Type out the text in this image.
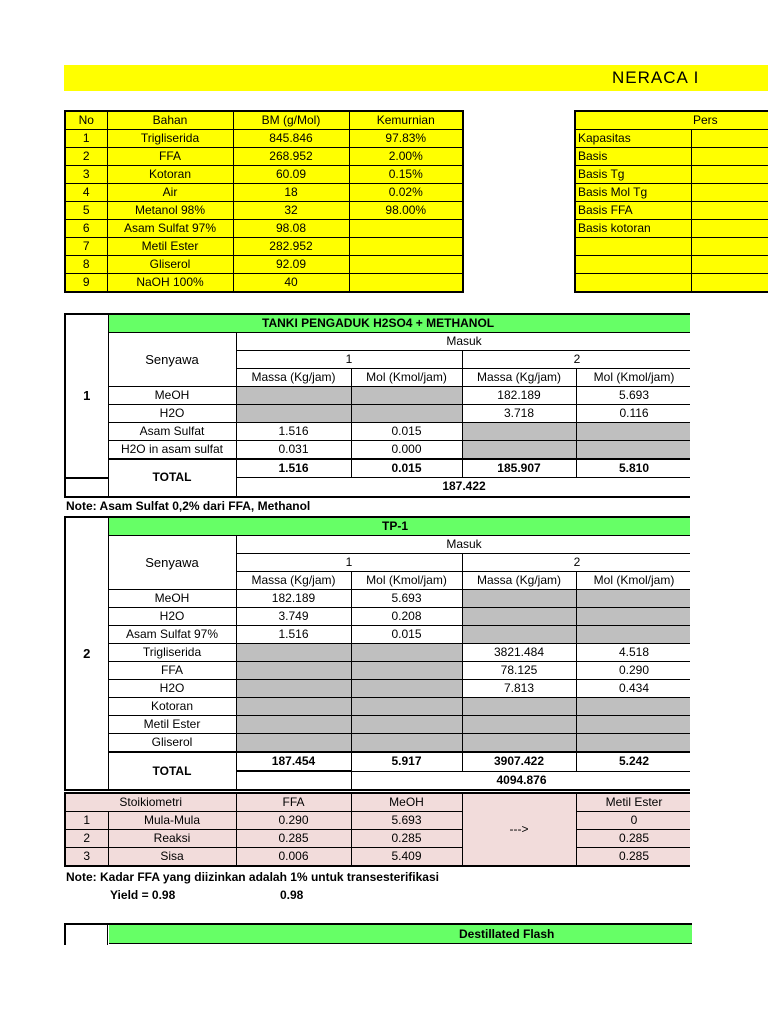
NERACA I
No	Bahan	BM (g/Mol)	Kemurnian
1	Trigliserida	845.846	97.83%
2	FFA	268.952	2.00%
3	Kotoran	60.09	0.15%
4	Air	18	0.02%
5	Metanol 98%	32	98.00%
6	Asam Sulfat 97%	98.08	
7	Metil Ester	282.952	
8	Gliserol	92.09	
9	NaOH 100%	40	
	Pers
Kapasitas	
Basis	
Basis Tg	
Basis Mol Tg	
Basis FFA	
Basis kotoran	

1		TANKI PENGADUK H2SO4 + METHANOL			
	Senyawa	Masuk			
		1		2	
		Massa (Kg/jam)	Mol (Kmol/jam)	Massa (Kg/jam)	Mol (Kmol/jam)
	MeOH			182.189	5.693
	H2O			3.718	0.116
	Asam Sulfat	1.516	0.015		
	H2O in asam sulfat	0.031	0.000		
	TOTAL	1.516	0.015	185.907	5.810
		187.422			
Note: Asam Sulfat 0,2% dari FFA, Methanol
2		TP-1			
	Senyawa	Masuk			
		1		2	
		Massa (Kg/jam)	Mol (Kmol/jam)	Massa (Kg/jam)	Mol (Kmol/jam)
	MeOH	182.189	5.693		
	H2O	3.749	0.208		
	Asam Sulfat 97%	1.516	0.015		
	Trigliserida			3821.484	4.518
	FFA			78.125	0.290
	H2O			7.813	0.434
	Kotoran				
	Metil Ester				
	Gliserol				
	TOTAL	187.454	5.917	3907.422	5.242
			4094.876		
Stoikiometri		FFA	MeOH	--->	Metil Ester
1	Mula-Mula	0.290	5.693		0
2	Reaksi	0.285	0.285		0.285
3	Sisa	0.006	5.409		0.285
Note: Kadar FFA yang diizinkan adalah 1% untuk transesterifikasi
Yield = 0.98	0.98
Destillated Flash
